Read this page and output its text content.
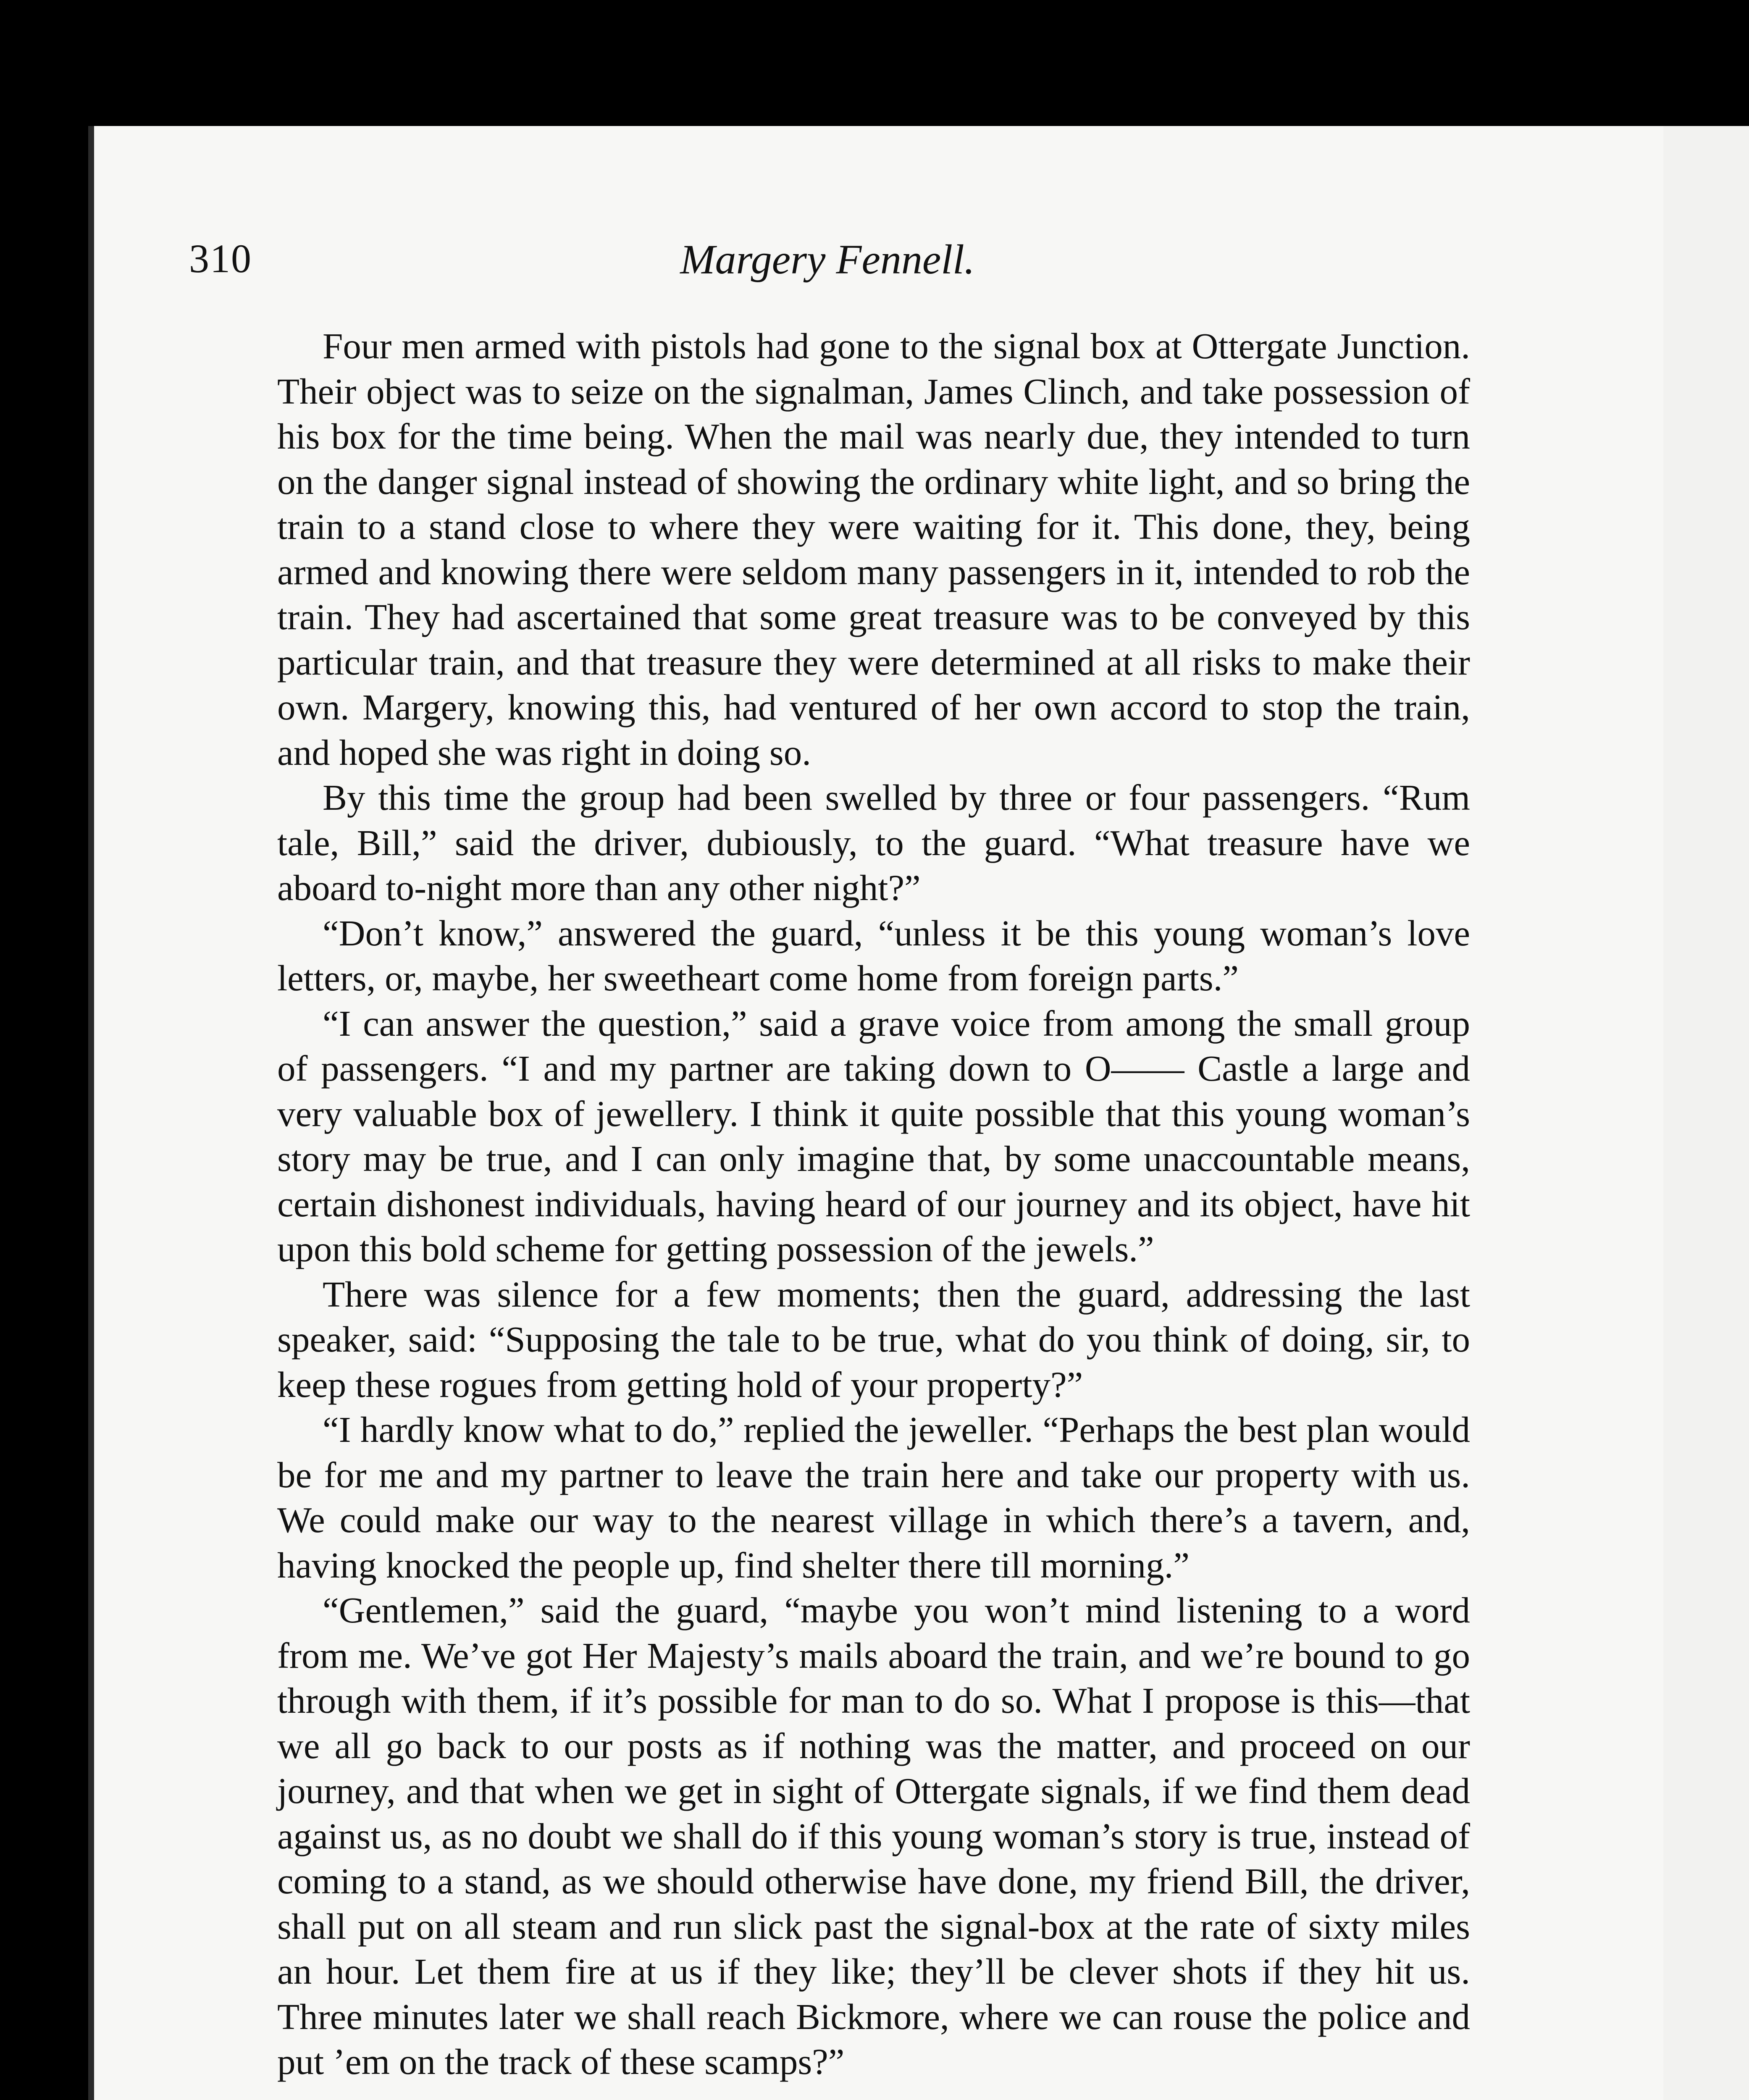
310	Margery Fennell.

Four men armed with pistols had gone to the signal box at Ottergate Junction. Their object was to seize on the signalman, James Clinch, and take possession of his box for the time being. When the mail was nearly due, they intended to turn on the danger signal instead of showing the ordinary white light, and so bring the train to a stand close to where they were waiting for it. This done, they, being armed and knowing there were seldom many passengers in it, intended to rob the train. They had ascertained that some great treasure was to be conveyed by this particular train, and that treasure they were determined at all risks to make their own. Margery, knowing this, had ventured of her own accord to stop the train, and hoped she was right in doing so.

By this time the group had been swelled by three or four passengers. “Rum tale, Bill,” said the driver, dubiously, to the guard. “What treasure have we aboard to-night more than any other night?”

“Don’t know,” answered the guard, “unless it be this young woman’s love letters, or, maybe, her sweetheart come home from foreign parts.”

“I can answer the question,” said a grave voice from among the small group of passengers. “I and my partner are taking down to O—— Castle a large and very valuable box of jewellery. I think it quite possible that this young woman’s story may be true, and I can only imagine that, by some unaccountable means, certain dishonest individuals, having heard of our journey and its object, have hit upon this bold scheme for getting possession of the jewels.”

There was silence for a few moments; then the guard, addressing the last speaker, said: “Supposing the tale to be true, what do you think of doing, sir, to keep these rogues from getting hold of your property?”

“I hardly know what to do,” replied the jeweller. “Perhaps the best plan would be for me and my partner to leave the train here and take our property with us. We could make our way to the nearest village in which there’s a tavern, and, having knocked the people up, find shelter there till morning.”

“Gentlemen,” said the guard, “maybe you won’t mind listening to a word from me. We’ve got Her Majesty’s mails aboard the train, and we’re bound to go through with them, if it’s possible for man to do so. What I propose is this—that we all go back to our posts as if nothing was the matter, and proceed on our journey, and that when we get in sight of Ottergate signals, if we find them dead against us, as no doubt we shall do if this young woman’s story is true, instead of coming to a stand, as we should otherwise have done, my friend Bill, the driver, shall put on all steam and run slick past the signal-box at the rate of sixty miles an hour. Let them fire at us if they like; they’ll be clever shots if they hit us. Three minutes later we shall reach Bickmore, where we can rouse the police and put ’em on the track of these scamps?”
